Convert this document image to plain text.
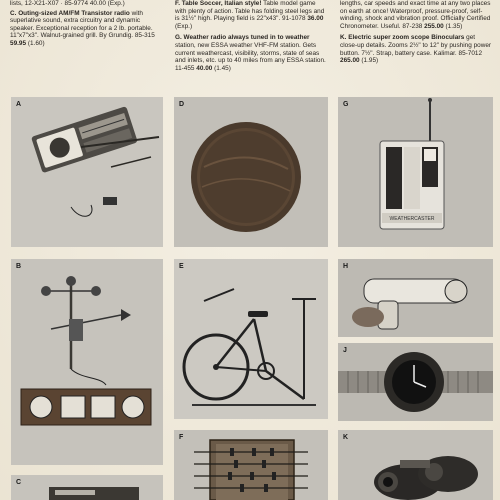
lists, 12-X21-X07 · 85-9774 40.00 (Exp.)

C. Outing-sized AM/FM Transistor radio with superlative sound, extra circuitry and dynamic speaker. Exceptional reception for a 2 lb. portable. 11"x7"x3". Walnut-grained grill. By Grundig. 85-315 59.95 (1.60)

F. Table Soccer, Italian style! Table model game with plenty of action. Table has folding steel legs and is 31½" high. Playing field is 22"x43". 91-1078 36.00 (Exp.)

G. Weather radio always tuned in to weather station, new ESSA weather VHF-FM station. Gets current weathercast, visibility, storms, state of seas and inlets, etc. up to 40 miles from any ESSA station. 11-455 40.00 (1.45)

lengths, car speeds and exact time at any two places on earth at once! Waterproof, pressure-proof, self-winding, shock and vibration proof. Officially Certified Chronometer. Useful. 87-238 255.00 (1.35)

K. Electric super zoom scope Binoculars get close-up details. Zooms 2½" to 12" by pushing power button. 7½". Strap, battery case. Kalimar. 85-7012 265.00 (1.95)

A	D
WEATHERCASTER
G
B	E	H
J
C
F	K
